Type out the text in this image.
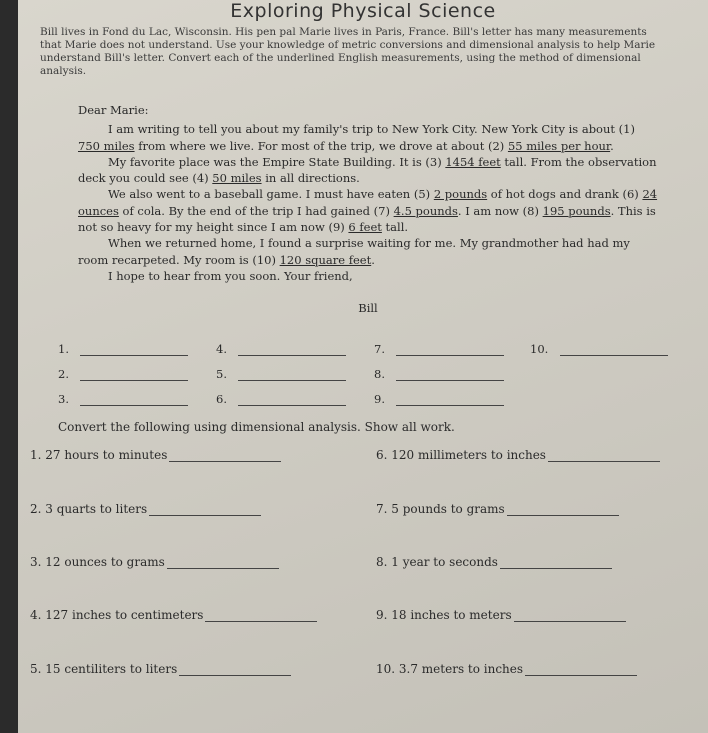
Exploring Physical Science

Bill lives in Fond du Lac, Wisconsin. His pen pal Marie lives in Paris, France. Bill's letter has many measurements that Marie does not understand. Use your knowledge of metric conversions and dimensional analysis to help Marie understand Bill's letter. Convert each of the underlined English measurements, using the method of dimensional analysis.

Dear Marie:

I am writing to tell you about my family's trip to New York City. New York City is about (1) 750 miles from where we live. For most of the trip, we drove at about (2) 55 miles per hour.

My favorite place was the Empire State Building. It is (3) 1454 feet tall. From the observation deck you could see (4) 50 miles in all directions.

We also went to a baseball game. I must have eaten (5) 2 pounds of hot dogs and drank (6) 24 ounces of cola. By the end of the trip I had gained (7) 4.5 pounds. I am now (8) 195 pounds. This is not so heavy for my height since I am now (9) 6 feet tall.

When we returned home, I found a surprise waiting for me. My grandmother had had my room recarpeted. My room is (10) 120 square feet.

I hope to hear from you soon. Your friend,

Bill

1.
2.
3.
4.
5.
6.
7.
8.
9.
10.
Convert the following using dimensional analysis. Show all work.
1. 27 hours to minutes
2. 3 quarts to liters
3. 12 ounces to grams
4. 127 inches to centimeters
5. 15 centiliters to liters
6. 120 millimeters to inches
7. 5 pounds to grams
8. 1 year to seconds
9. 18 inches to meters
10. 3.7 meters to inches
